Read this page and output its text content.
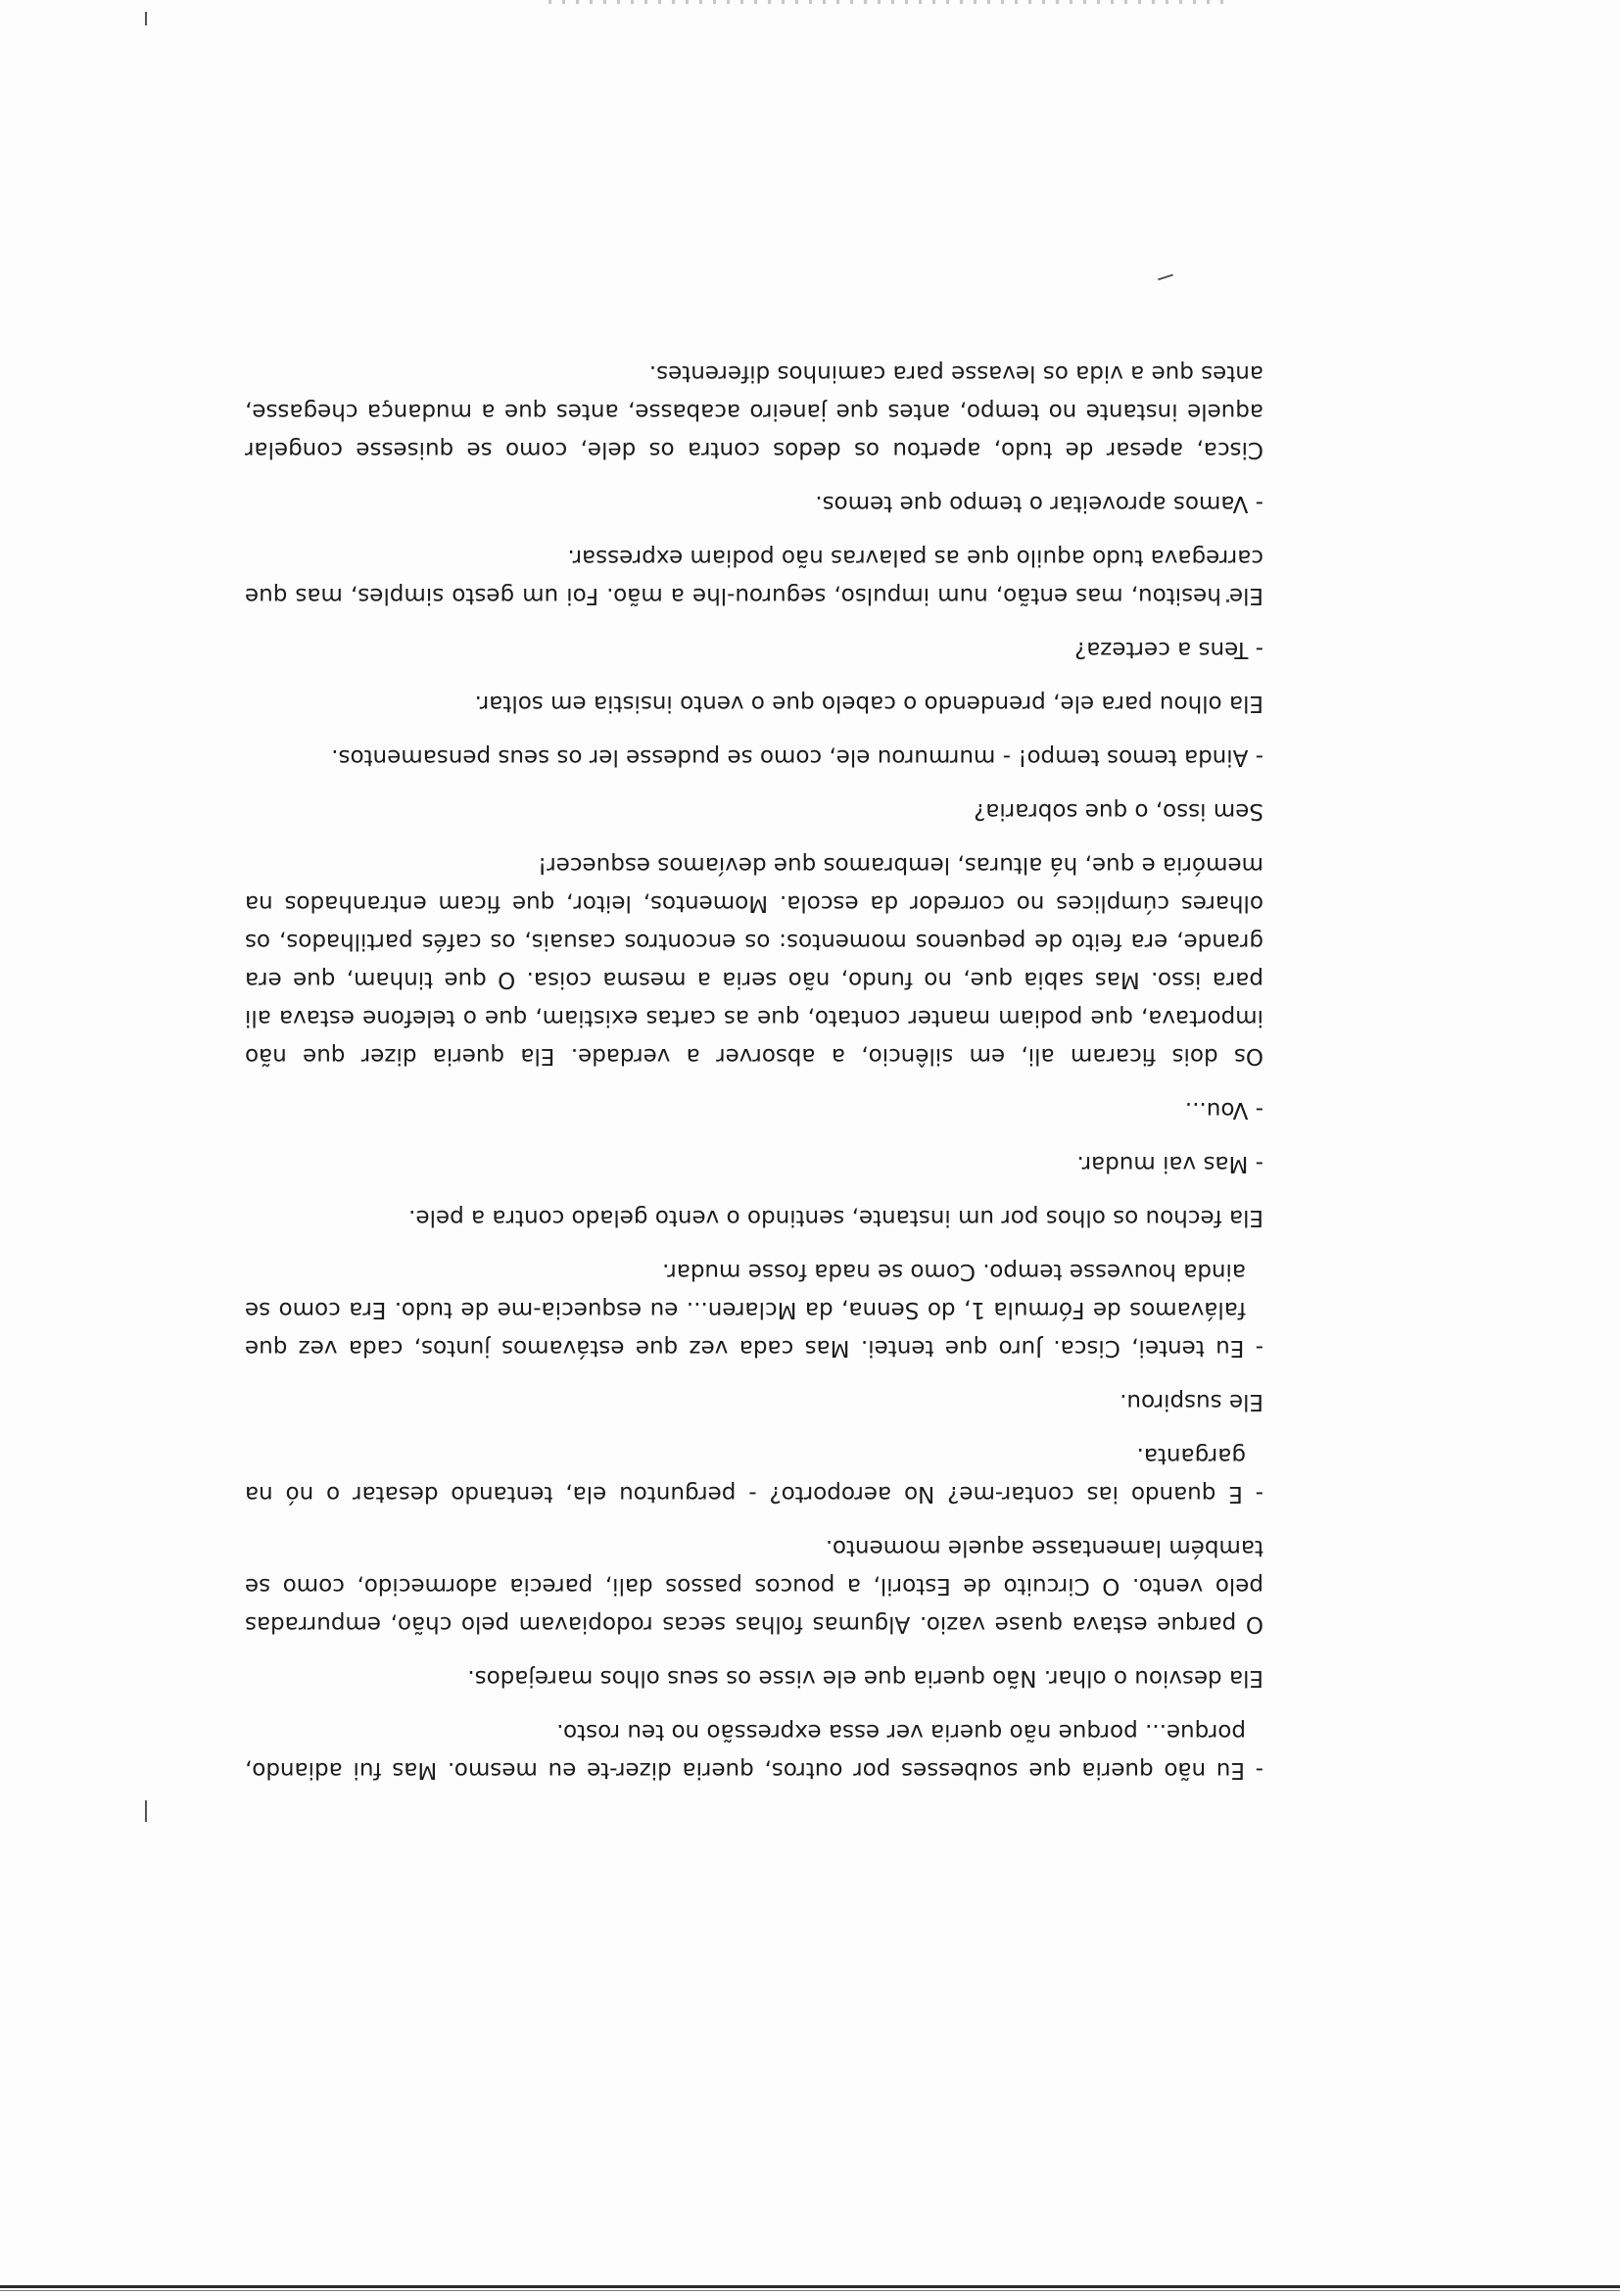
- Eu não queria que soubesses por outros, queria dizer-te eu mesmo. Mas fui adiando, porque... porque não queria ver essa expressão no teu rosto.

Ela desviou o olhar. Não queria que ele visse os seus olhos marejados.

O parque estava quase vazio. Algumas folhas secas rodopiavam pelo chão, empurradas pelo vento. O Circuito de Estoril, a poucos passos dali, parecia adormecido, como se também lamentasse aquele momento.

- E quando ias contar-me? No aeroporto? - perguntou ela, tentando desatar o nó na garganta.

Ele suspirou.

- Eu tentei, Cisca. Juro que tentei. Mas cada vez que estávamos juntos, cada vez que falávamos de Fórmula 1, do Senna, da Mclaren... eu esquecia-me de tudo. Era como se ainda houvesse tempo. Como se nada fosse mudar.

Ela fechou os olhos por um instante, sentindo o vento gelado contra a pele.

- Mas vai mudar.

- Vou...

Os dois ficaram ali, em silêncio, a absorver a verdade. Ela queria dizer que não importava, que podiam manter contato, que as cartas existiam, que o telefone estava ali para isso. Mas sabia que, no fundo, não seria a mesma coisa. O que tinham, que era grande, era feito de pequenos momentos: os encontros casuais, os cafés partilhados, os olhares cúmplices no corredor da escola. Momentos, leitor, que ficam entranhados na memória e que, há alturas, lembramos que devíamos esquecer!

Sem isso, o que sobraria?

- Ainda temos tempo! - murmurou ele, como se pudesse ler os seus pensamentos.

Ela olhou para ele, prendendo o cabelo que o vento insistia em soltar.

- Tens a certeza?

Ele hesitou, mas então, num impulso, segurou-lhe a mão. Foi um gesto simples, mas que carregava tudo aquilo que as palavras não podiam expressar.

- Vamos aproveitar o tempo que temos.

Cisca, apesar de tudo, apertou os dedos contra os dele, como se quisesse congelar aquele instante no tempo, antes que janeiro acabasse, antes que a mudança chegasse, antes que a vida os levasse para caminhos diferentes.
